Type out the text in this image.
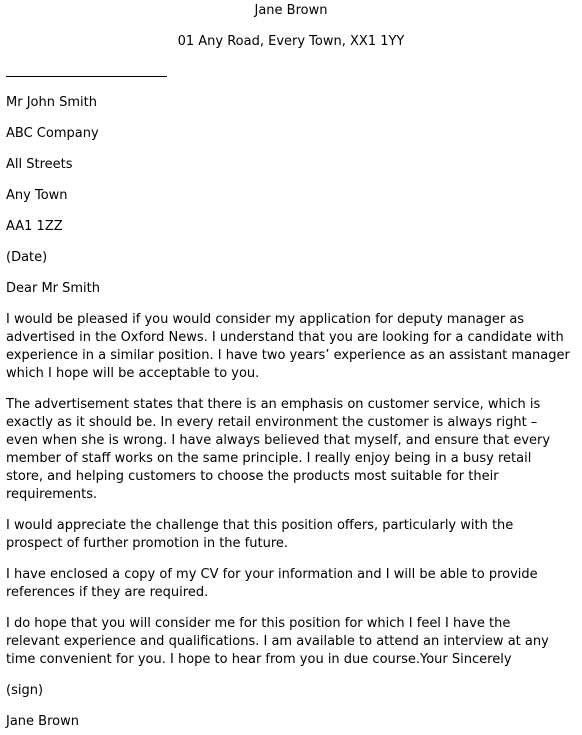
Jane Brown
01 Any Road, Every Town, XX1 1YY
Mr John Smith
ABC Company
All Streets
Any Town
AA1 1ZZ
(Date)
Dear Mr Smith
I would be pleased if you would consider my application for deputy manager as
advertised in the Oxford News. I understand that you are looking for a candidate with
experience in a similar position. I have two years’ experience as an assistant manager
which I hope will be acceptable to you.
The advertisement states that there is an emphasis on customer service, which is
exactly as it should be. In every retail environment the customer is always right –
even when she is wrong. I have always believed that myself, and ensure that every
member of staff works on the same principle. I really enjoy being in a busy retail
store, and helping customers to choose the products most suitable for their
requirements.
I would appreciate the challenge that this position offers, particularly with the
prospect of further promotion in the future.
I have enclosed a copy of my CV for your information and I will be able to provide
references if they are required.
I do hope that you will consider me for this position for which I feel I have the
relevant experience and qualifications. I am available to attend an interview at any
time convenient for you. I hope to hear from you in due course.Your Sincerely
(sign)
Jane Brown
